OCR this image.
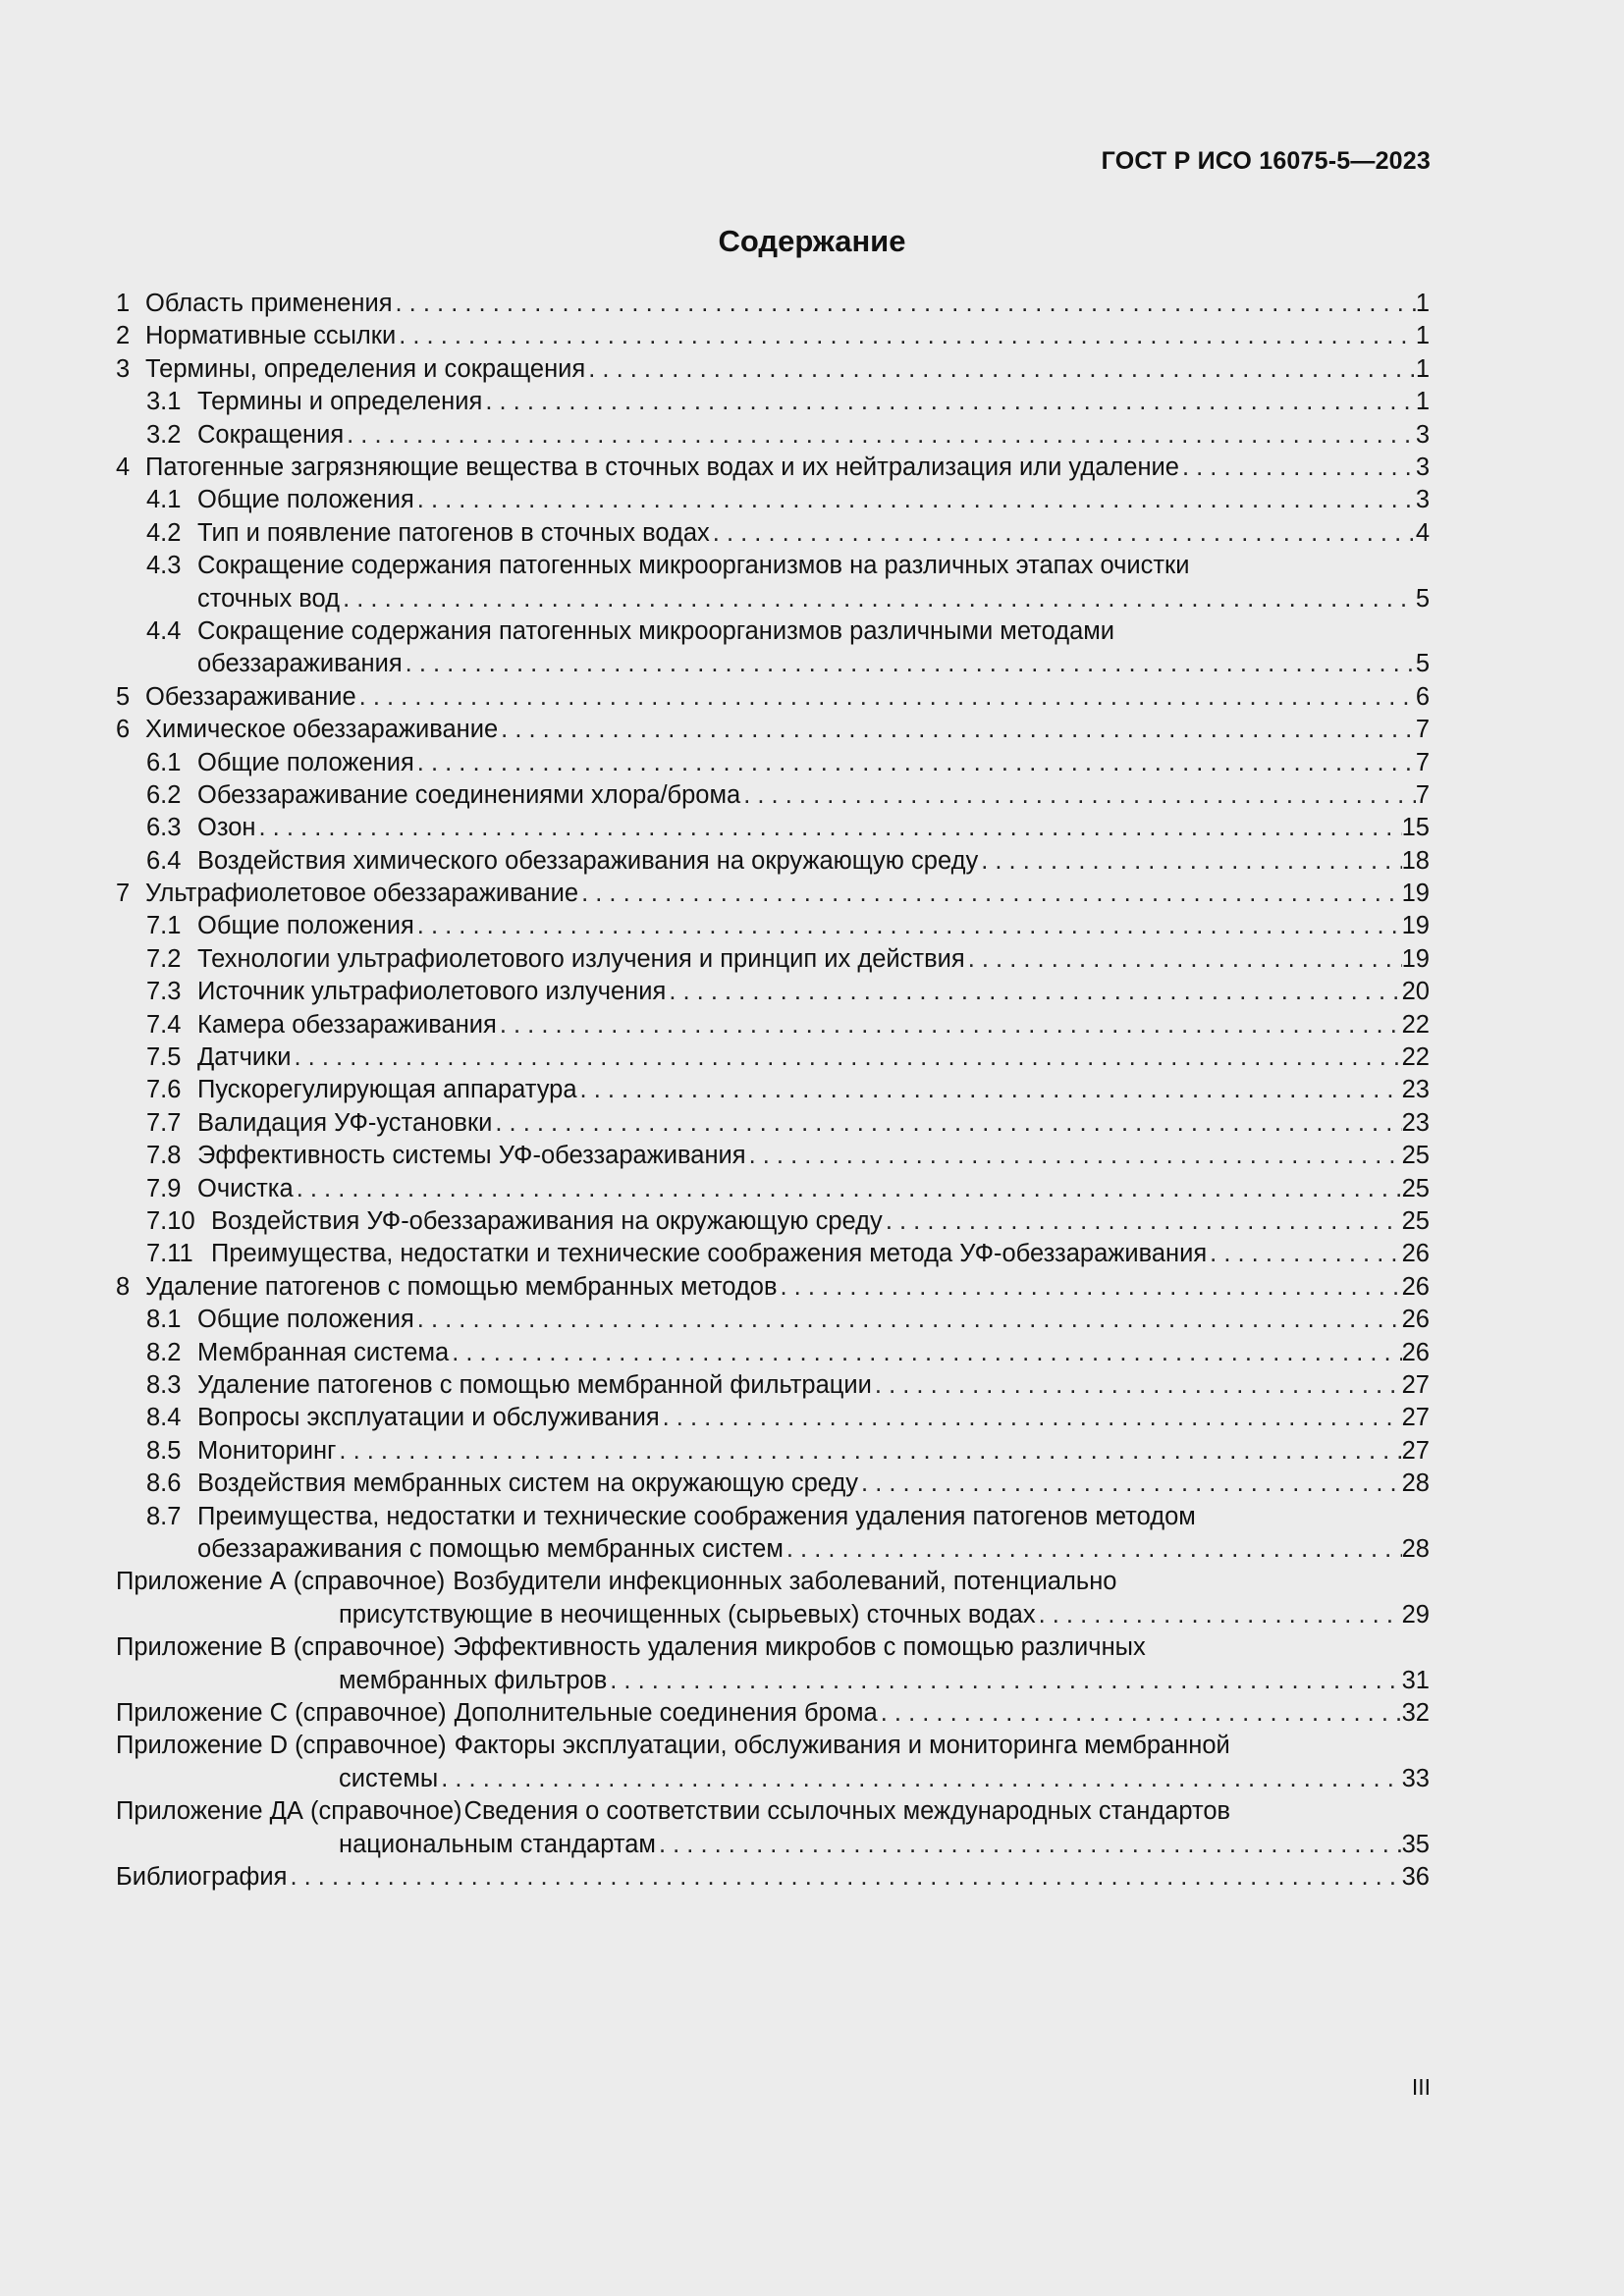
ГОСТ Р ИСО 16075-5—2023
Содержание
1 Область применения . . .	1
2 Нормативные ссылки . . .	1
3 Термины, определения и сокращения . . .	1
3.1 Термины и определения . . .	1
3.2 Сокращения . . .	3
4 Патогенные загрязняющие вещества в сточных водах и их нейтрализация или удаление . . .	3
4.1 Общие положения . . .	3
4.2 Тип и появление патогенов в сточных водах . . .	4
4.3 Сокращение содержания патогенных микроорганизмов на различных этапах очистки
сточных вод . . .	5
4.4 Сокращение содержания патогенных микроорганизмов различными методами
обеззараживания . . .	5
5 Обеззараживание . . .	6
6 Химическое обеззараживание . . .	7
6.1 Общие положения . . .	7
6.2 Обеззараживание соединениями хлора/брома . . .	7
6.3 Озон . . .	15
6.4 Воздействия химического обеззараживания на окружающую среду . . .	18
7 Ультрафиолетовое обеззараживание . . .	19
7.1 Общие положения . . .	19
7.2 Технологии ультрафиолетового излучения и принцип их действия . . .	19
7.3 Источник ультрафиолетового излучения . . .	20
7.4 Камера обеззараживания . . .	22
7.5 Датчики . . .	22
7.6 Пускорегулирующая аппаратура . . .	23
7.7 Валидация УФ-установки . . .	23
7.8 Эффективность системы УФ-обеззараживания . . .	25
7.9 Очистка . . .	25
7.10 Воздействия УФ-обеззараживания на окружающую среду . . .	25
7.11 Преимущества, недостатки и технические соображения метода УФ-обеззараживания . . .	26
8 Удаление патогенов с помощью мембранных методов . . .	26
8.1 Общие положения . . .	26
8.2 Мембранная система . . .	26
8.3 Удаление патогенов с помощью мембранной фильтрации . . .	27
8.4 Вопросы эксплуатации и обслуживания . . .	27
8.5 Мониторинг . . .	27
8.6 Воздействия мембранных систем на окружающую среду . . .	28
8.7 Преимущества, недостатки и технические соображения удаления патогенов методом
обеззараживания с помощью мембранных систем . . .	28
Приложение А (справочное) Возбудители инфекционных заболеваний, потенциально
присутствующие в неочищенных (сырьевых) сточных водах . . .	29
Приложение В (справочное) Эффективность удаления микробов с помощью различных
мембранных фильтров . . .	31
Приложение С (справочное) Дополнительные соединения брома . . .	32
Приложение D (справочное) Факторы эксплуатации, обслуживания и мониторинга мембранной
системы . . .	33
Приложение ДА (справочное) Сведения о соответствии ссылочных международных стандартов
национальным стандартам . . .	35
Библиография . . .	36
III
